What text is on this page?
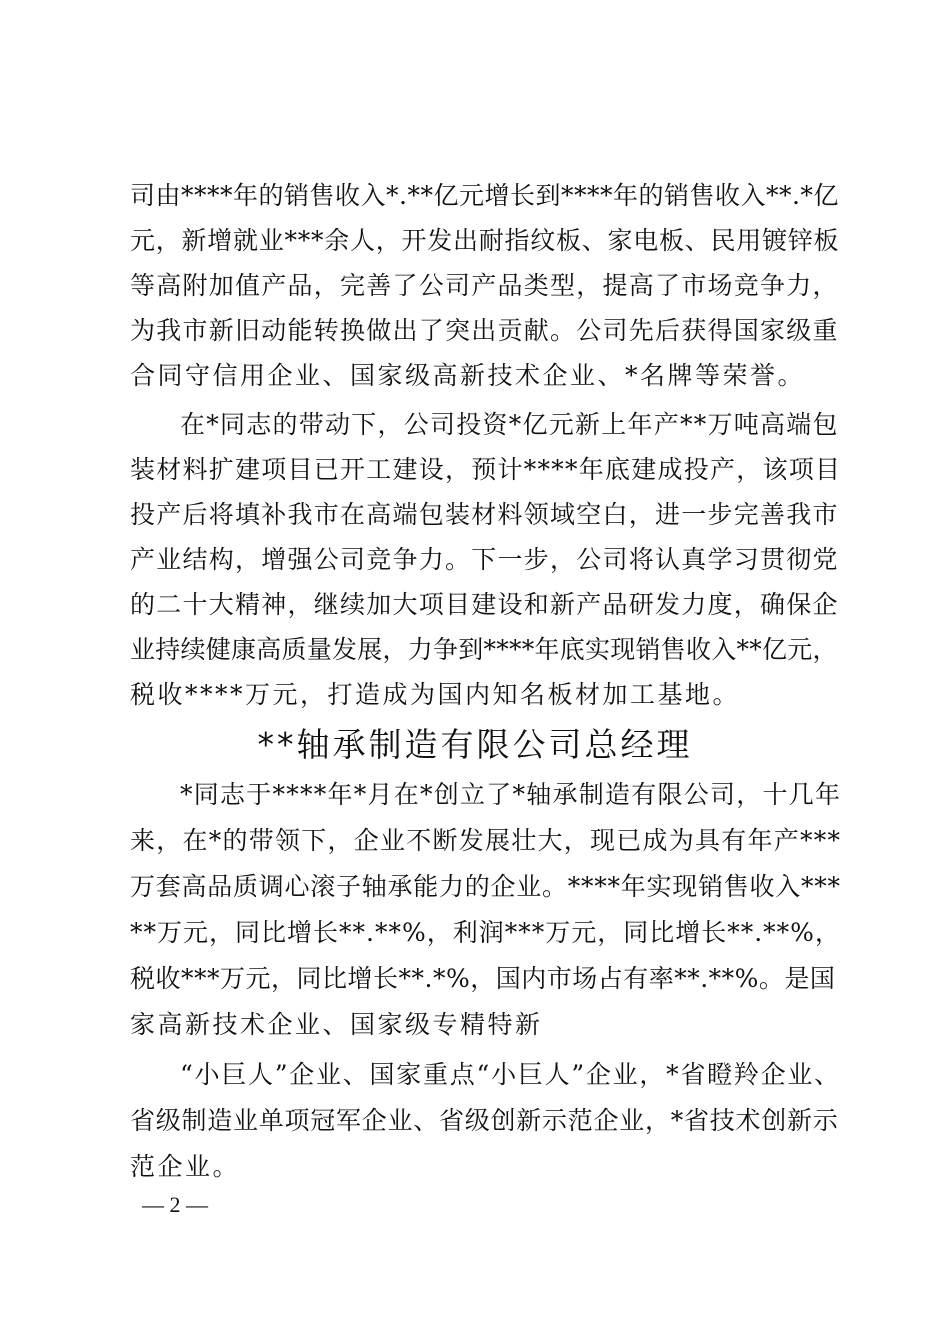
司由****年的销售收入*.**亿元增长到****年的销售收入**.*亿
元，新增就业***余人，开发出耐指纹板、家电板、民用镀锌板
等高附加值产品，完善了公司产品类型，提高了市场竞争力，
为我市新旧动能转换做出了突出贡献。公司先后获得国家级重
合同守信用企业、国家级高新技术企业、*名牌等荣誉。
在*同志的带动下，公司投资*亿元新上年产**万吨高端包
装材料扩建项目已开工建设，预计****年底建成投产，该项目
投产后将填补我市在高端包装材料领域空白，进一步完善我市
产业结构，增强公司竞争力。下一步，公司将认真学习贯彻党
的二十大精神，继续加大项目建设和新产品研发力度，确保企
业持续健康高质量发展，力争到****年底实现销售收入**亿元，
税收****万元，打造成为国内知名板材加工基地。
**轴承制造有限公司总经理
*同志于****年*月在*创立了*轴承制造有限公司，十几年
来，在*的带领下，企业不断发展壮大，现已成为具有年产***
万套高品质调心滚子轴承能力的企业。****年实现销售收入***
**万元，同比增长**.**%，利润***万元，同比增长**.**%，
税收***万元，同比增长**.*%，国内市场占有率**.**%。是国
家高新技术企业、国家级专精特新
“小巨人”企业、国家重点“小巨人”企业，*省瞪羚企业、
省级制造业单项冠军企业、省级创新示范企业，*省技术创新示
范企业。
— 2 —
